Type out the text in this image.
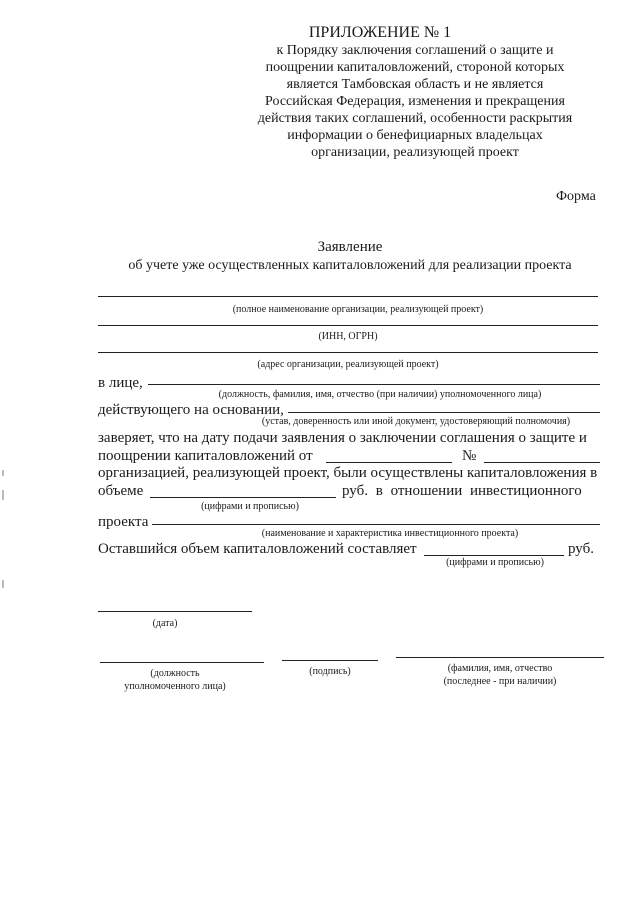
ПРИЛОЖЕНИЕ № 1
к Порядку заключения соглашений о защите и
поощрении капиталовложений, стороной которых
является Тамбовская область и не является
Российская Федерация, изменения и прекращения
действия таких соглашений, особенности раскрытия
информации о бенефициарных владельцах
организации, реализующей проект
Форма
Заявление
об учете уже осуществленных капиталовложений для реализации проекта
(полное наименование организации, реализующей проект)
(ИНН, ОГРН)
(адрес организации, реализующей проект)
в лице,
(должность, фамилия, имя, отчество (при наличии) уполномоченного лица)
действующего на основании,
(устав, доверенность или иной документ, удостоверяющий полномочия)
заверяет, что на дату подачи заявления о заключении соглашения о защите и
поощрении капиталовложений от	№
организацией, реализующей проект, были осуществлены капиталовложения в
объеме	руб. в отношении инвестиционного
(цифрами и прописью)
проекта
(наименование и характеристика инвестиционного проекта)
Оставшийся объем капиталовложений составляет	руб.
(цифрами и прописью)
(дата)
(должность
уполномоченного лица)
(подпись)	(фамилия, имя, отчество
(последнее - при наличии)
